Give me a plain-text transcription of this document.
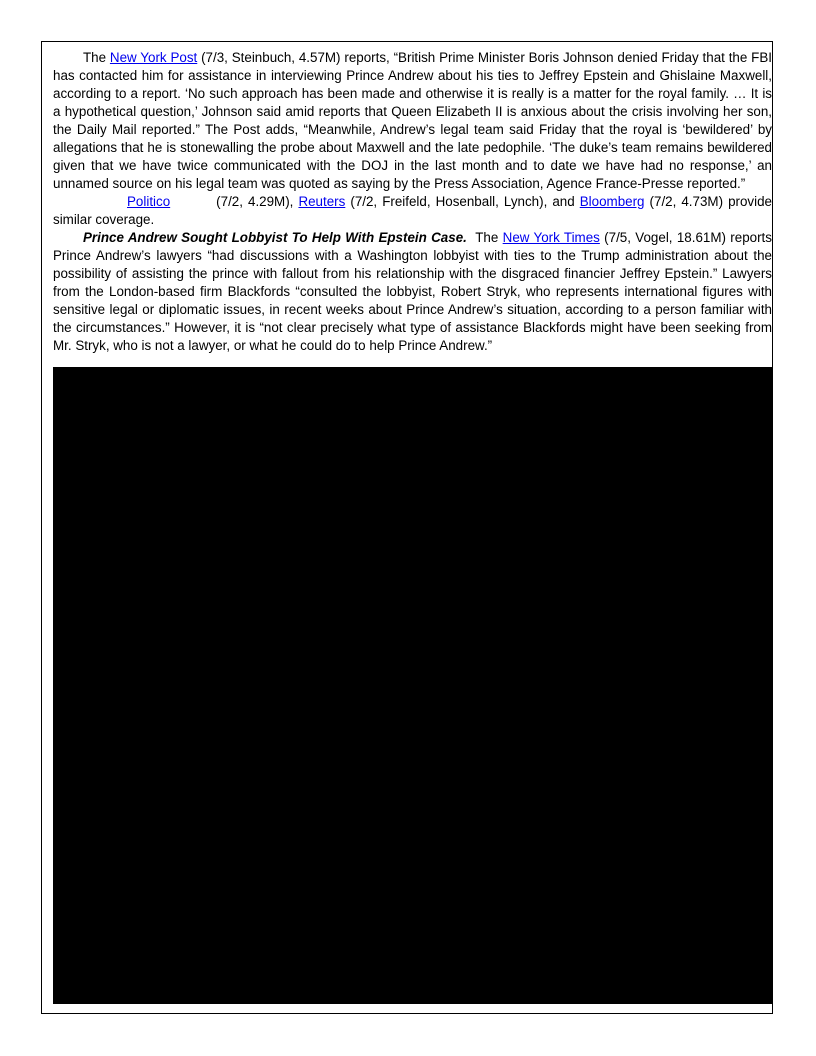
The New York Post (7/3, Steinbuch, 4.57M) reports, “British Prime Minister Boris Johnson denied Friday that the FBI has contacted him for assistance in interviewing Prince Andrew about his ties to Jeffrey Epstein and Ghislaine Maxwell, according to a report. ‘No such approach has been made and otherwise it is really is a matter for the royal family. … It is a hypothetical question,’ Johnson said amid reports that Queen Elizabeth II is anxious about the crisis involving her son, the Daily Mail reported.” The Post adds, “Meanwhile, Andrew’s legal team said Friday that the royal is ‘bewildered’ by allegations that he is stonewalling the probe about Maxwell and the late pedophile. ‘The duke’s team remains bewildered given that we have twice communicated with the DOJ in the last month and to date we have had no response,’ an unnamed source on his legal team was quoted as saying by the Press Association, Agence France-Presse reported.”

Politico	(7/2, 4.29M), Reuters (7/2, Freifeld, Hosenball, Lynch), and Bloomberg (7/2, 4.73M) provide similar coverage.

Prince Andrew Sought Lobbyist To Help With Epstein Case.  The New York Times (7/5, Vogel, 18.61M) reports Prince Andrew’s lawyers “had discussions with a Washington lobbyist with ties to the Trump administration about the possibility of assisting the prince with fallout from his relationship with the disgraced financier Jeffrey Epstein.” Lawyers from the London-based firm Blackfords “consulted the lobbyist, Robert Stryk, who represents international figures with sensitive legal or diplomatic issues, in recent weeks about Prince Andrew’s situation, according to a person familiar with the circumstances.” However, it is “not clear precisely what type of assistance Blackfords might have been seeking from Mr. Stryk, who is not a lawyer, or what he could do to help Prince Andrew.”
